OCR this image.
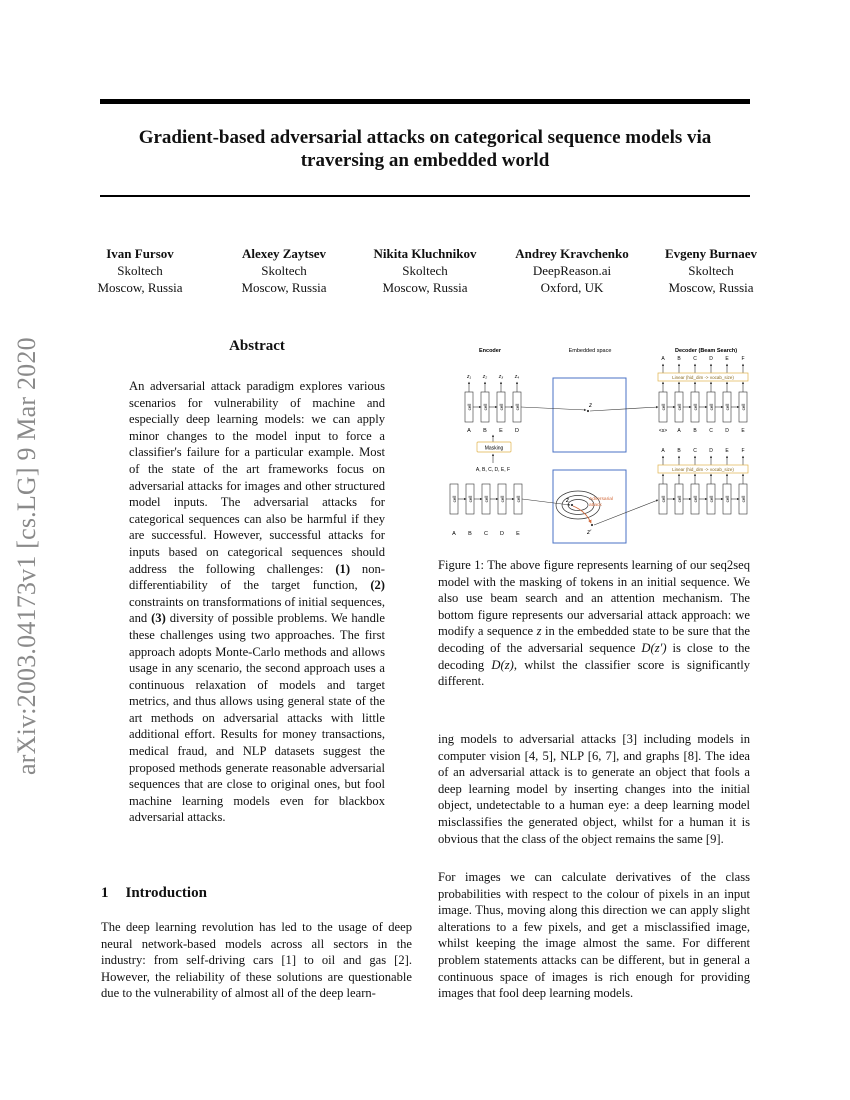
Gradient-based adversarial attacks on categorical sequence models via traversing an embedded world
arXiv:2003.04173v1 [cs.LG] 9 Mar 2020
Ivan Fursov
Skoltech
Moscow, Russia
Alexey Zaytsev
Skoltech
Moscow, Russia
Nikita Kluchnikov
Skoltech
Moscow, Russia
Andrey Kravchenko
DeepReason.ai
Oxford, UK
Evgeny Burnaev
Skoltech
Moscow, Russia
Abstract
An adversarial attack paradigm explores various scenarios for vulnerability of machine and especially deep learning models: we can apply minor changes to the model input to force a classifier's failure for a particular example. Most of the state of the art frameworks focus on adversarial attacks for images and other structured model inputs. The adversarial attacks for categorical sequences can also be harmful if they are successful. However, successful attacks for inputs based on categorical sequences should address the following challenges: (1) non-differentiability of the target function, (2) constraints on transformations of initial sequences, and (3) diversity of possible problems. We handle these challenges using two approaches. The first approach adopts Monte-Carlo methods and allows usage in any scenario, the second approach uses a continuous relaxation of models and target metrics, and thus allows using general state of the art methods on adversarial attacks with little additional effort. Results for money transactions, medical fraud, and NLP datasets suggest the proposed methods generate reasonable adversarial sequences that are close to original ones, but fool machine learning models even for blackbox adversarial attacks.
1 Introduction
The deep learning revolution has led to the usage of deep neural network-based models across all sectors in the industry: from self-driving cars [1] to oil and gas [2]. However, the reliability of these solutions are questionable due to the vulnerability of almost all of the deep learn-
Encoder	Embedded space	Decoder (Beam Search)
z₁ z₂ z₃ z₄
cell cell cell cell
A B E D
Masking
A, B, C, D, E, F
z
A	B	C D	E	F
Linear (hid_dim -> vocab_size)
cell cell cell cell cell cell
<s> A	B	C D	E
cell cell cell cell cell
A B C D E
z	Adversarial
attack
z′
A	B	C D	E	F
Linear (hid_dim -> vocab_size)
cell cell cell cell cell cell
Figure 1: The above figure represents learning of our seq2seq model with the masking of tokens in an initial sequence. We also use beam search and an attention mechanism. The bottom figure represents our adversarial attack approach: we modify a sequence z in the embedded state to be sure that the decoding of the adversarial sequence D(z′) is close to the decoding D(z), whilst the classifier score is significantly different.
ing models to adversarial attacks [3] including models in computer vision [4, 5], NLP [6, 7], and graphs [8]. The idea of an adversarial attack is to generate an object that fools a deep learning model by inserting changes into the initial object, undetectable to a human eye: a deep learning model misclassifies the generated object, whilst for a human it is obvious that the class of the object remains the same [9].
For images we can calculate derivatives of the class probabilities with respect to the colour of pixels in an input image. Thus, moving along this direction we can apply slight alterations to a few pixels, and get a misclassified image, whilst keeping the image almost the same. For different problem statements attacks can be different, but in general a continuous space of images is rich enough for providing images that fool deep learning models.
